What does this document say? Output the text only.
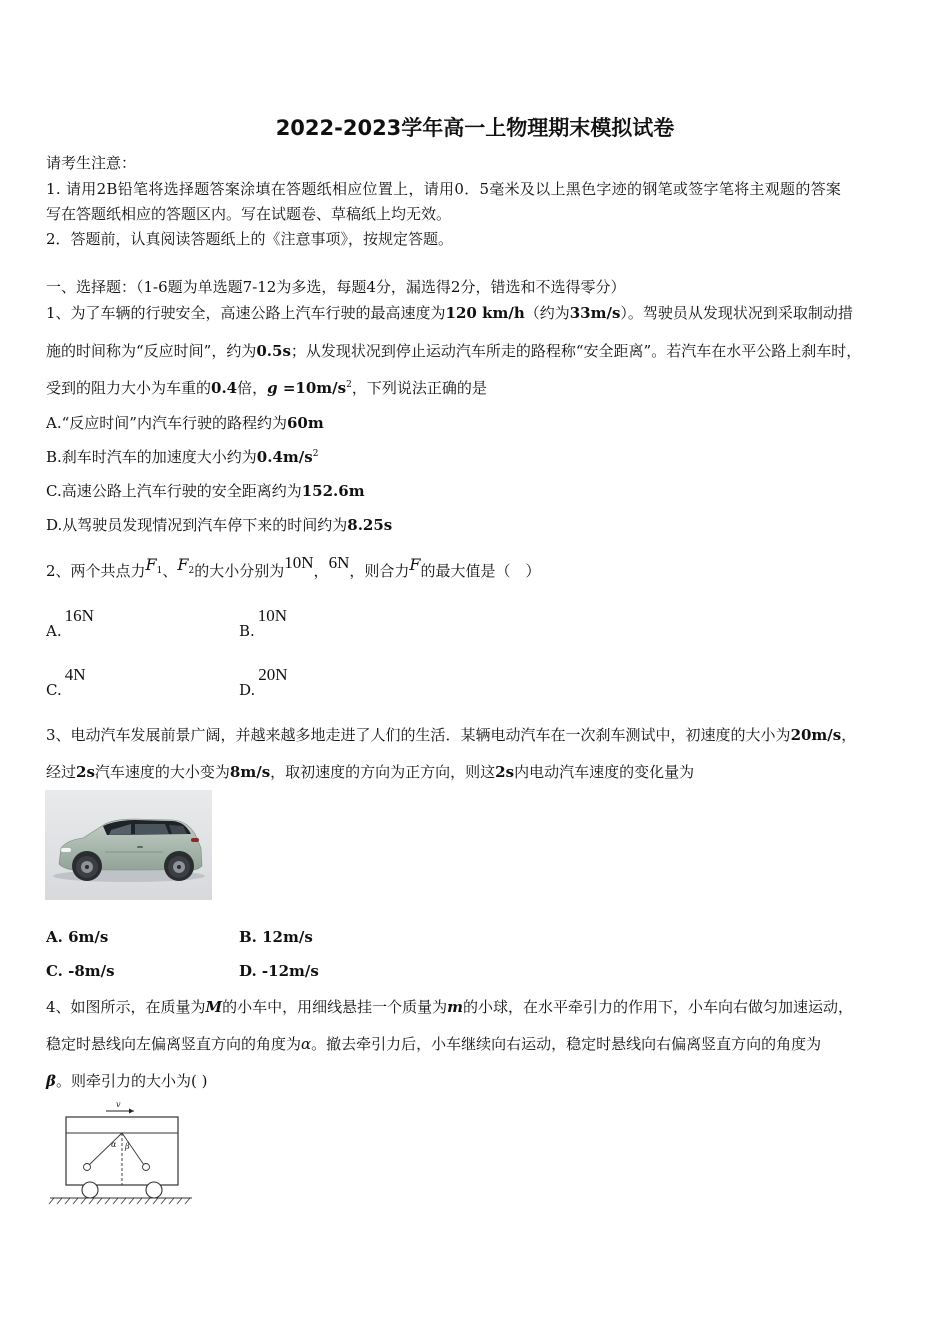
2022-2023学年高一上物理期末模拟试卷
请考生注意：
1. 请用2B铅笔将选择题答案涂填在答题纸相应位置上，请用0．5毫米及以上黑色字迹的钢笔或签字笔将主观题的答案
写在答题纸相应的答题区内。写在试题卷、草稿纸上均无效。
2．答题前，认真阅读答题纸上的《注意事项》，按规定答题。
一、选择题：（1-6题为单选题7-12为多选，每题4分，漏选得2分，错选和不选得零分）
1、为了车辆的行驶安全，高速公路上汽车行驶的最高速度为120 km/h（约为33m/s）。驾驶员从发现状况到采取制动措
施的时间称为“反应时间”，约为0.5s；从发现状况到停止运动汽车所走的路程称“安全距离”。若汽车在水平公路上刹车时，
受到的阻力大小为车重的0.4倍，$g =10m/s^2$，下列说法正确的是
A.“反应时间”内汽车行驶的路程约为60m
B.刹车时汽车的加速度大小约为$0.4m/s^2$
C.高速公路上汽车行驶的安全距离约为152.6m
D.从驾驶员发现情况到汽车停下来的时间约为8.25s
2、两个共点力F1、F2的大小分别为10N，6N，则合力F的最大值是（　）
A.16N
B.10N
C.4N
D.20N
3、电动汽车发展前景广阔，并越来越多地走进了人们的生活．某辆电动汽车在一次刹车测试中，初速度的大小为20m/s，
经过2s汽车速度的大小变为8m/s，取初速度的方向为正方向，则这2s内电动汽车速度的变化量为
A. 6m/s	B. 12m/s
C. -8m/s	D. -12m/s
4、如图所示，在质量为M的小车中，用细线悬挂一个质量为m的小球，在水平牵引力的作用下，小车向右做匀加速运动，
稳定时悬线向左偏离竖直方向的角度为α。撤去牵引力后，小车继续向右运动，稳定时悬线向右偏离竖直方向的角度为
β。则牵引力的大小为( )
v
α β
